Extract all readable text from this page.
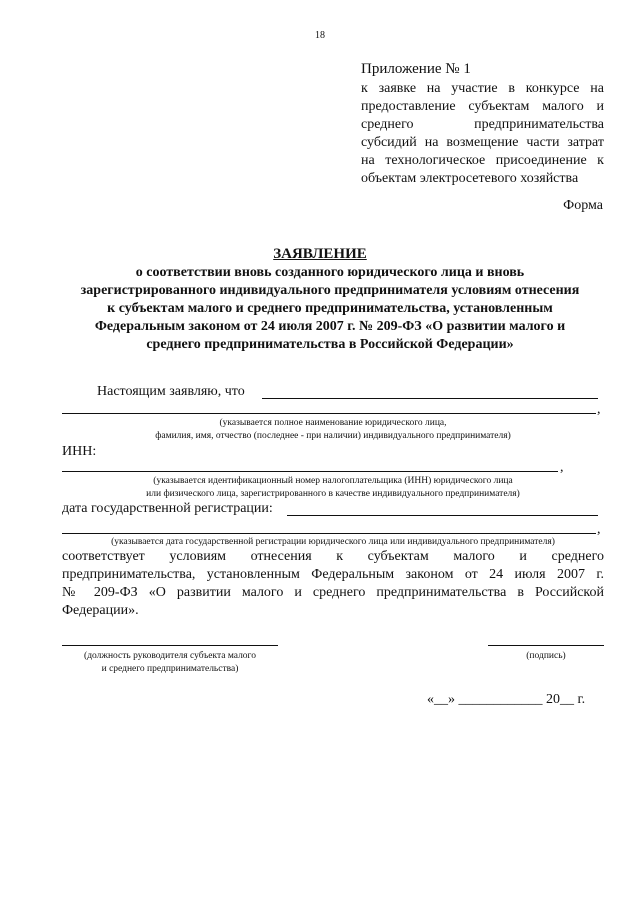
18
Приложение № 1
к заявке на участие в конкурсе на
предоставление субъектам малого и
среднего предпринимательства
субсидий на возмещение части затрат
на технологическое присоединение к
объектам электросетевого хозяйства
Форма
ЗАЯВЛЕНИЕ
о соответствии вновь созданного юридического лица и вновь
зарегистрированного индивидуального предпринимателя условиям отнесения
к субъектам малого и среднего предпринимательства, установленным
Федеральным законом от 24 июля 2007 г. № 209-ФЗ «О развитии малого и
среднего предпринимательства в Российской Федерации»
Настоящим заявляю, что
,
(указывается полное наименование юридического лица,
фамилия, имя, отчество (последнее - при наличии) индивидуального предпринимателя)
ИНН:
,
(указывается идентификационный номер налогоплательщика (ИНН) юридического лица
или физического лица, зарегистрированного в качестве индивидуального предпринимателя)
дата государственной регистрации:
,
(указывается дата государственной регистрации юридического лица или индивидуального предпринимателя)
соответствует условиям отнесения к субъектам малого и среднего
предпринимательства, установленным Федеральным законом от 24 июля 2007 г.
№ 209-ФЗ «О развитии малого и среднего предпринимательства в Российской
Федерации».
(должность руководителя субъекта малого
и среднего предпринимательства)
(подпись)
«__» ____________ 20__ г.
